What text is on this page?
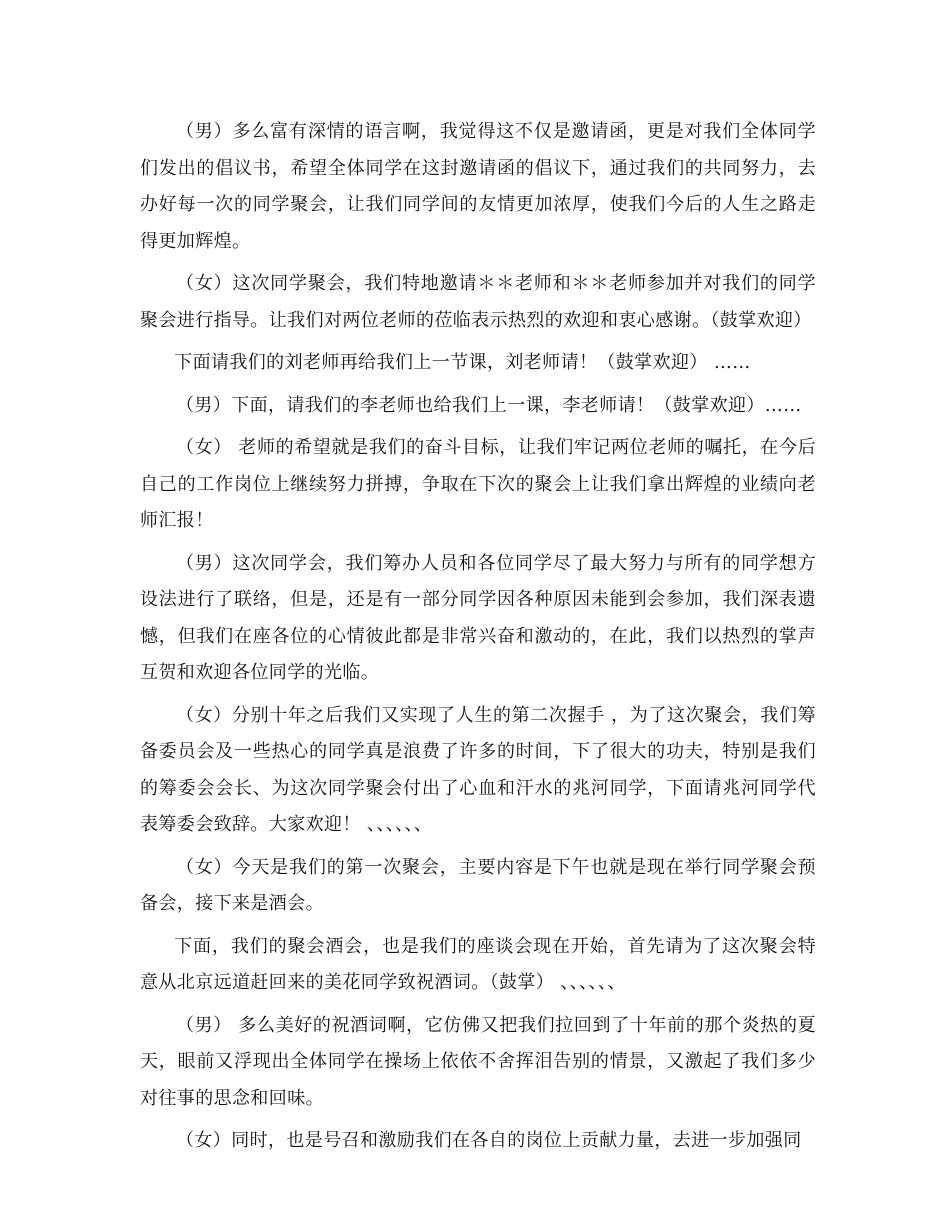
（男）多么富有深情的语言啊，我觉得这不仅是邀请函，更是对我们全体同学们发出的倡议书，希望全体同学在这封邀请函的倡议下，通过我们的共同努力，去办好每一次的同学聚会，让我们同学间的友情更加浓厚，使我们今后的人生之路走得更加辉煌。

（女）这次同学聚会，我们特地邀请＊＊老师和＊＊老师参加并对我们的同学聚会进行指导。让我们对两位老师的莅临表示热烈的欢迎和衷心感谢。（鼓掌欢迎）

下面请我们的刘老师再给我们上一节课，刘老师请！（鼓掌欢迎） ……

（男）下面，请我们的李老师也给我们上一课，李老师请！（鼓掌欢迎）……

（女） 老师的希望就是我们的奋斗目标，让我们牢记两位老师的嘱托，在今后自己的工作岗位上继续努力拼搏，争取在下次的聚会上让我们拿出辉煌的业绩向老师汇报！

（男）这次同学会，我们筹办人员和各位同学尽了最大努力与所有的同学想方设法进行了联络，但是，还是有一部分同学因各种原因未能到会参加，我们深表遗憾，但我们在座各位的心情彼此都是非常兴奋和激动的，在此，我们以热烈的掌声互贺和欢迎各位同学的光临。

（女）分别十年之后我们又实现了人生的第二次握手 ，为了这次聚会，我们筹备委员会及一些热心的同学真是浪费了许多的时间，下了很大的功夫，特别是我们的筹委会会长、为这次同学聚会付出了心血和汗水的兆河同学，下面请兆河同学代表筹委会致辞。大家欢迎！ 、、、、、、

（女）今天是我们的第一次聚会，主要内容是下午也就是现在举行同学聚会预备会，接下来是酒会。

下面，我们的聚会酒会，也是我们的座谈会现在开始，首先请为了这次聚会特意从北京远道赶回来的美花同学致祝酒词。（鼓掌） 、、、、、、

（男） 多么美好的祝酒词啊，它仿佛又把我们拉回到了十年前的那个炎热的夏天，眼前又浮现出全体同学在操场上依依不舍挥泪告别的情景，又激起了我们多少对往事的思念和回味。

（女）同时，也是号召和激励我们在各自的岗位上贡献力量，去进一步加强同
